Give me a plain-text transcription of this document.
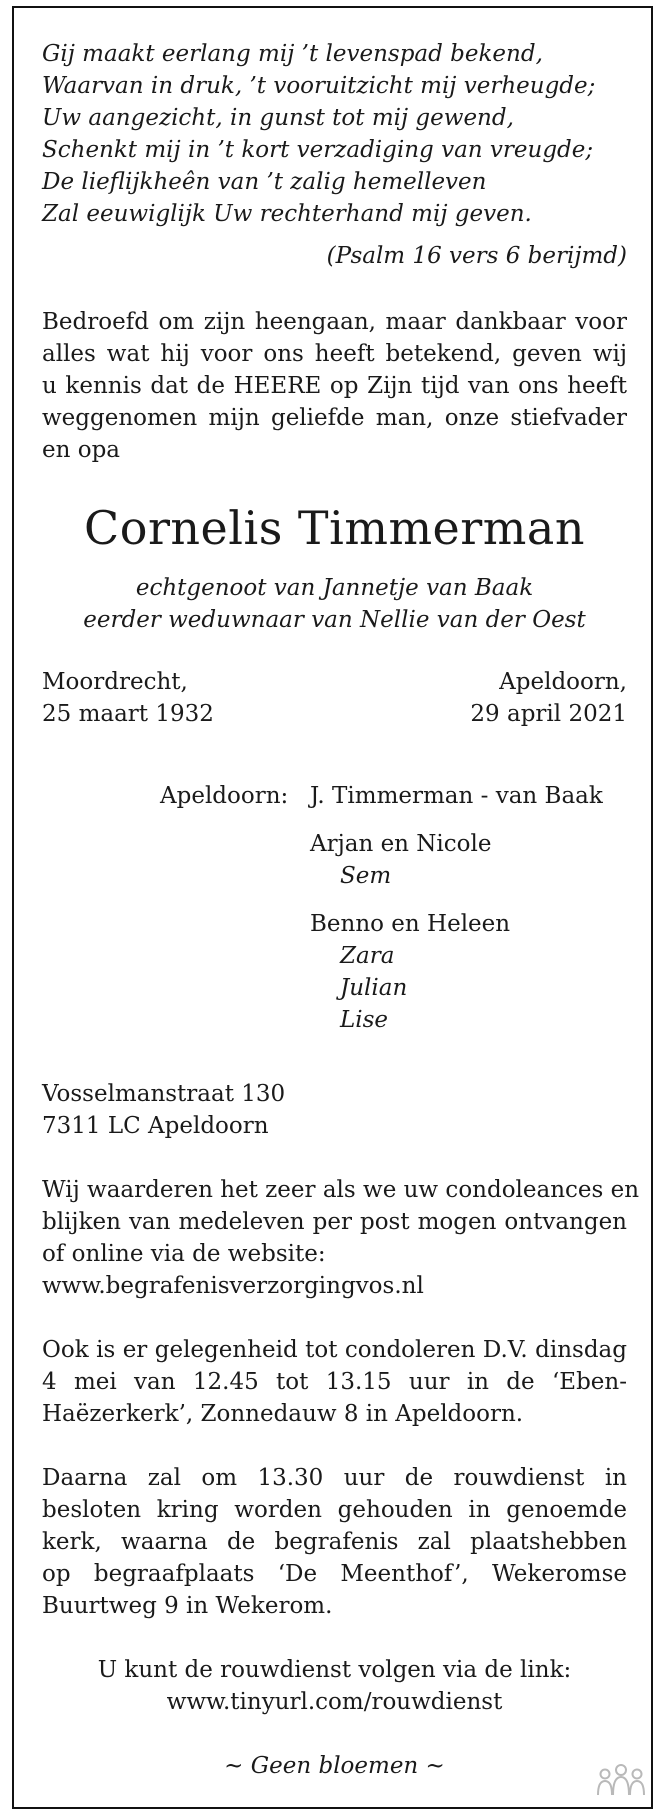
Gij maakt eerlang mij ’t levenspad bekend,
Waarvan in druk, ’t vooruitzicht mij verheugde;
Uw aangezicht, in gunst tot mij gewend,
Schenkt mij in ’t kort verzadiging van vreugde;
De lieflijkheên van ’t zalig hemelleven
Zal eeuwiglijk Uw rechterhand mij geven.
(Psalm 16 vers 6 berijmd)
Bedroefd om zijn heengaan, maar dankbaar voor
alles wat hij voor ons heeft betekend, geven wij
u kennis dat de HEERE op Zijn tijd van ons heeft
weggenomen mijn geliefde man, onze stiefvader
en opa
Cornelis Timmerman
echtgenoot van Jannetje van Baak
eerder weduwnaar van Nellie van der Oest
Moordrecht,
25 maart 1932
Apeldoorn,
29 april 2021
Apeldoorn: J. Timmerman - van Baak
Arjan en Nicole
Sem
Benno en Heleen
Zara
Julian
Lise
Vosselmanstraat 130
7311 LC Apeldoorn
Wij waarderen het zeer als we uw condoleances en
blijken van medeleven per post mogen ontvangen
of online via de website:
www.begrafenisverzorgingvos.nl
Ook is er gelegenheid tot condoleren D.V. dinsdag
4 mei van 12.45 tot 13.15 uur in de ‘Eben-
Haëzerkerk’, Zonnedauw 8 in Apeldoorn.
Daarna zal om 13.30 uur de rouwdienst in
besloten kring worden gehouden in genoemde
kerk, waarna de begrafenis zal plaatshebben
op begraafplaats ‘De Meenthof’, Wekeromse
Buurtweg 9 in Wekerom.
U kunt de rouwdienst volgen via de link:
www.tinyurl.com/rouwdienst
~ Geen bloemen ~
